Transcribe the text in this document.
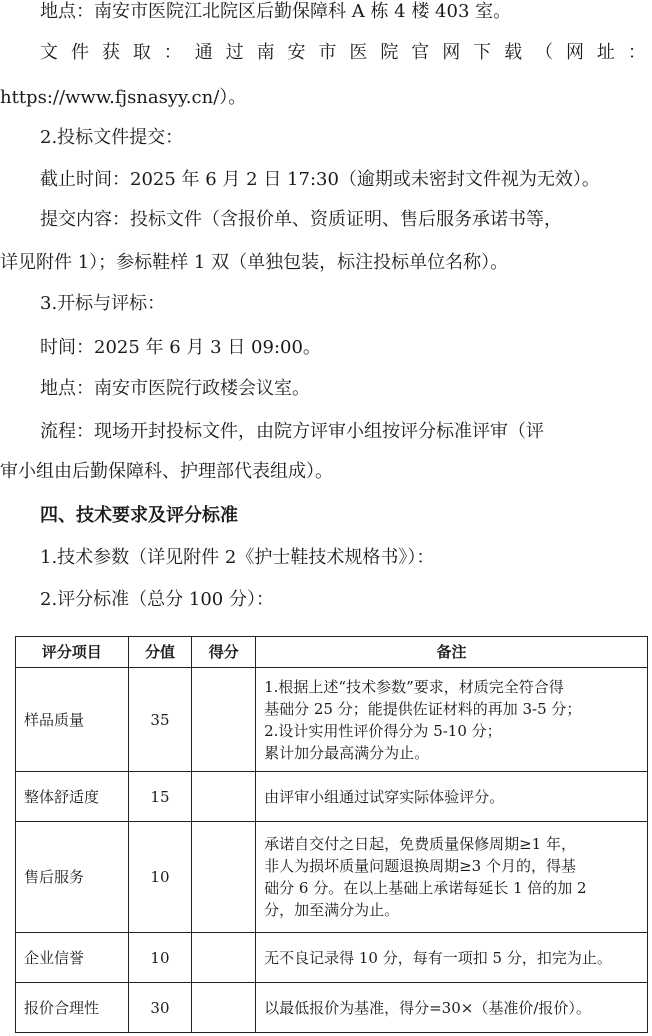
地点：南安市医院江北院区后勤保障科 A 栋 4 楼 403 室。
文 件 获 取 ： 通 过 南 安 市 医 院 官 网 下 载 （ 网 址 ：
https://www.fjsnasyy.cn/）。
2.投标文件提交：
截止时间：2025 年 6 月 2 日 17:30（逾期或未密封文件视为无效）。
提交内容：投标文件（含报价单、资质证明、售后服务承诺书等，
详见附件 1）；参标鞋样 1 双（单独包装，标注投标单位名称）。
3.开标与评标：
时间：2025 年 6 月 3 日 09:00。
地点：南安市医院行政楼会议室。
流程：现场开封投标文件，由院方评审小组按评分标准评审（评
审小组由后勤保障科、护理部代表组成）。
四、技术要求及评分标准
1.技术参数（详见附件 2《护士鞋技术规格书》）：
2.评分标准（总分 100 分）：
评分项目	分值	得分	备注
样品质量	35		1.根据上述“技术参数”要求，材质完全符合得
基础分 25 分；能提供佐证材料的再加 3-5 分；
2.设计实用性评价得分为 5-10 分；
累计加分最高满分为止。

整体舒适度	15		由评审小组通过试穿实际体验评分。

售后服务	10		承诺自交付之日起，免费质量保修周期≥1 年，
非人为损坏质量问题退换周期≥3 个月的，得基
础分 6 分。在以上基础上承诺每延长 1 倍的加 2
分，加至满分为止。

企业信誉	10		无不良记录得 10 分，每有一项扣 5 分，扣完为止。

报价合理性	30		以最低报价为基准，得分=30×（基准价/报价）。
